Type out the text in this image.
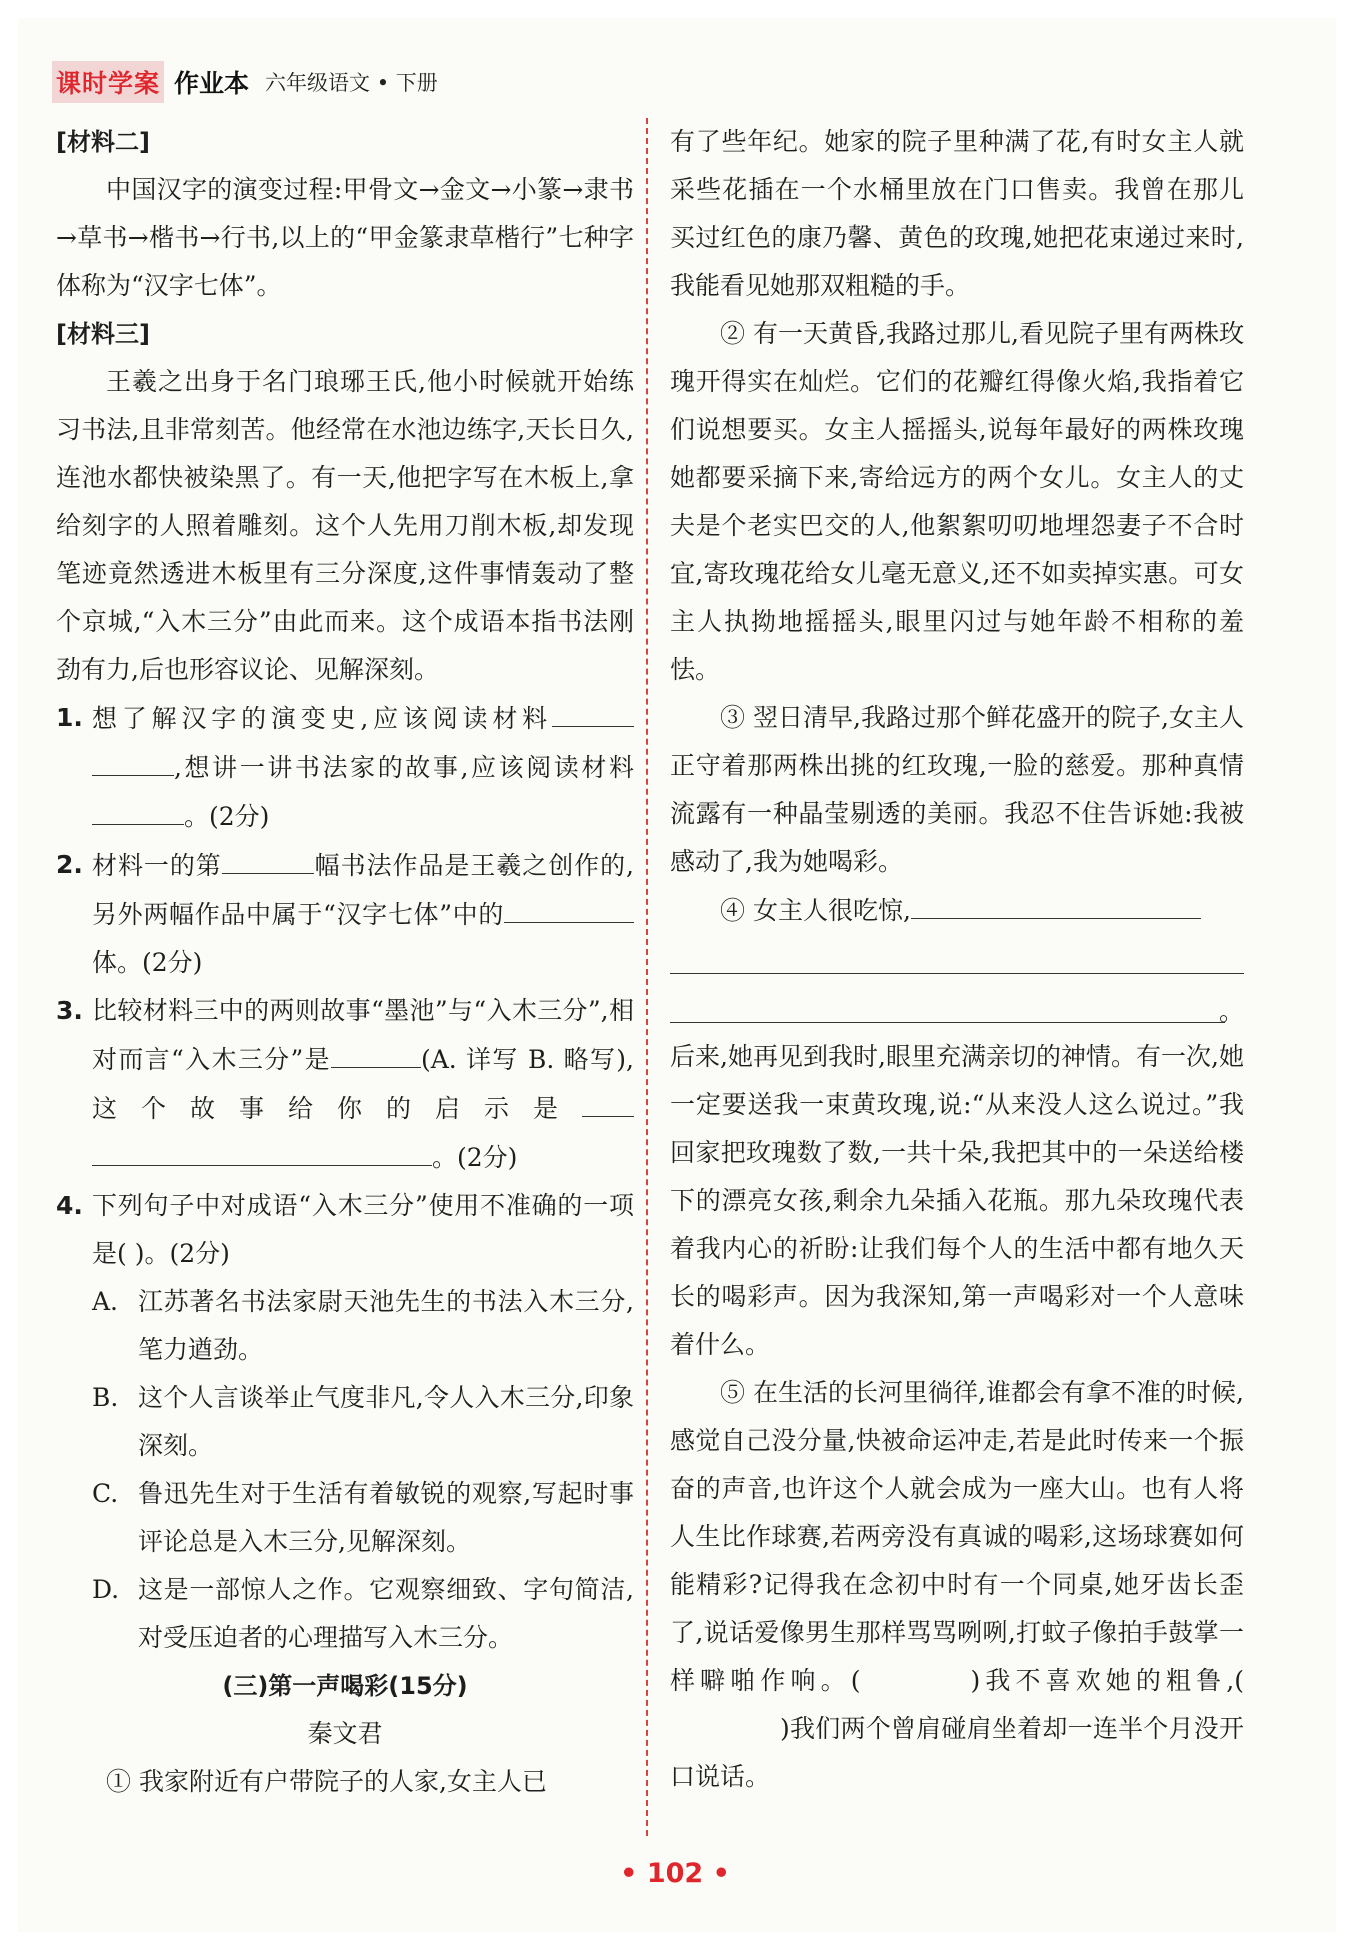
课时学案 作业本 六年级语文 • 下册

[材料二]

中国汉字的演变过程:甲骨文→金文→小篆→隶书→草书→楷书→行书,以上的“甲金篆隶草楷行”七种字体称为“汉字七体”。

[材料三]

王羲之出身于名门琅琊王氏,他小时候就开始练习书法,且非常刻苦。他经常在水池边练字,天长日久,连池水都快被染黑了。有一天,他把字写在木板上,拿给刻字的人照着雕刻。这个人先用刀削木板,却发现笔迹竟然透进木板里有三分深度,这件事情轰动了整个京城,“入木三分”由此而来。这个成语本指书法刚劲有力,后也形容议论、见解深刻。

1. 想了解汉字的演变史,应该阅读材料,想讲一讲书法家的故事,应该阅读材料。(2分)

2. 材料一的第	幅书法作品是王羲之创作的,另外两幅作品中属于“汉字七体”中的体。(2分)

3. 比较材料三中的两则故事“墨池”与“入木三分”,相对而言“入木三分”是	(A. 详写 B. 略写),这个故事给你的启示是。(2分)

4. 下列句子中对成语“入木三分”使用不准确的一项是( )。(2分)

A. 江苏著名书法家尉天池先生的书法入木三分,笔力遒劲。

B. 这个人言谈举止气度非凡,令人入木三分,印象深刻。

C. 鲁迅先生对于生活有着敏锐的观察,写起时事评论总是入木三分,见解深刻。

D. 这是一部惊人之作。它观察细致、字句简洁,对受压迫者的心理描写入木三分。

(三)第一声喝彩(15分)

秦文君

① 我家附近有户带院子的人家,女主人已

有了些年纪。她家的院子里种满了花,有时女主人就采些花插在一个水桶里放在门口售卖。我曾在那儿买过红色的康乃馨、黄色的玫瑰,她把花束递过来时,我能看见她那双粗糙的手。

② 有一天黄昏,我路过那儿,看见院子里有两株玫瑰开得实在灿烂。它们的花瓣红得像火焰,我指着它们说想要买。女主人摇摇头,说每年最好的两株玫瑰她都要采摘下来,寄给远方的两个女儿。女主人的丈夫是个老实巴交的人,他絮絮叨叨地埋怨妻子不合时宜,寄玫瑰花给女儿毫无意义,还不如卖掉实惠。可女主人执拗地摇摇头,眼里闪过与她年龄不相称的羞怯。

③ 翌日清早,我路过那个鲜花盛开的院子,女主人正守着那两株出挑的红玫瑰,一脸的慈爱。那种真情流露有一种晶莹剔透的美丽。我忍不住告诉她:我被感动了,我为她喝彩。

④ 女主人很吃惊,

。

后来,她再见到我时,眼里充满亲切的神情。有一次,她一定要送我一束黄玫瑰,说:“从来没人这么说过。”我回家把玫瑰数了数,一共十朵,我把其中的一朵送给楼下的漂亮女孩,剩余九朵插入花瓶。那九朵玫瑰代表着我内心的祈盼:让我们每个人的生活中都有地久天长的喝彩声。因为我深知,第一声喝彩对一个人意味着什么。

⑤ 在生活的长河里徜徉,谁都会有拿不准的时候,感觉自己没分量,快被命运冲走,若是此时传来一个振奋的声音,也许这个人就会成为一座大山。也有人将人生比作球赛,若两旁没有真诚的喝彩,这场球赛如何能精彩?记得我在念初中时有一个同桌,她牙齿长歪了,说话爱像男生那样骂骂咧咧,打蚊子像拍手鼓掌一样噼啪作响。(	)我不喜欢她的粗鲁,()我们两个曾肩碰肩坐着却一连半个月没开口说话。

• 102 •
